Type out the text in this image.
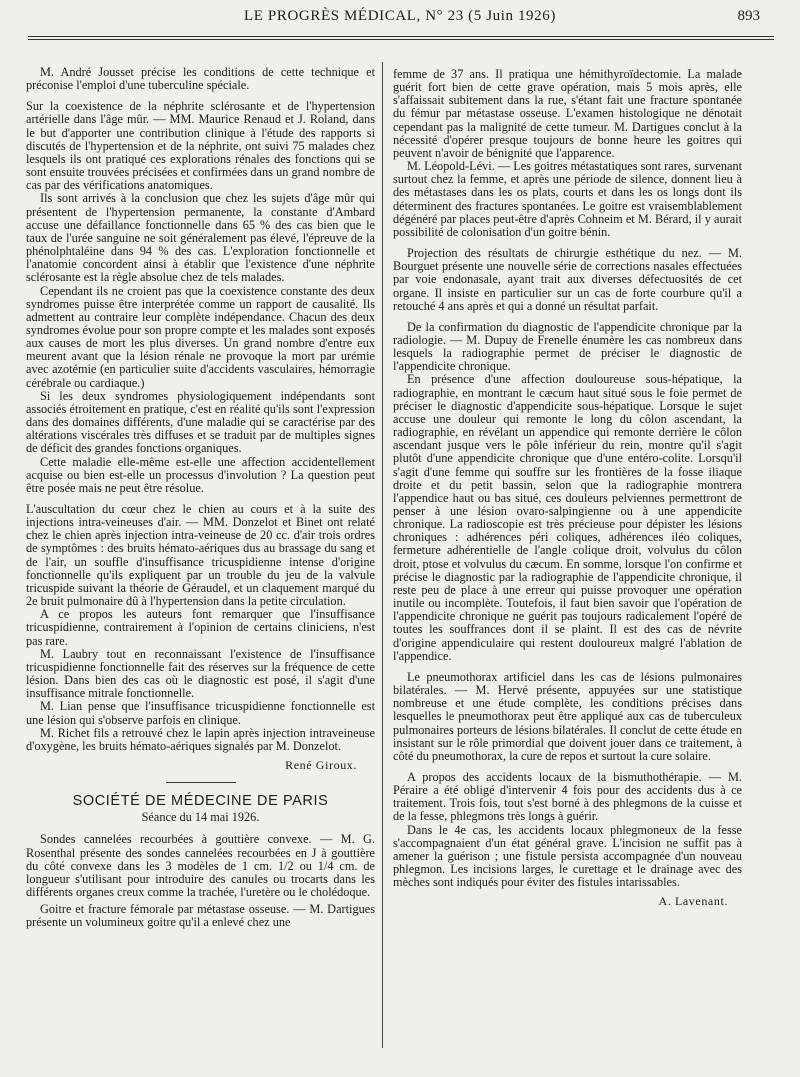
LE PROGRÈS MÉDICAL, N° 23 (5 Juin 1926)	893

M. André Jousset précise les conditions de cette technique et préconise l'emploi d'une tuberculine spéciale.

Sur la coexistence de la néphrite sclérosante et de l'hypertension artérielle dans l'âge mûr. — MM. Maurice Renaud et J. Roland, dans le but d'apporter une contribution clinique à l'étude des rapports si discutés de l'hypertension et de la néphrite, ont suivi 75 malades chez lesquels ils ont pratiqué ces explorations rénales des fonctions qui se sont ensuite trouvées précisées et confirmées dans un grand nombre de cas par des vérifications anatomiques.

Ils sont arrivés à la conclusion que chez les sujets d'âge mûr qui présentent de l'hypertension permanente, la constante d'Ambard accuse une défaillance fonctionnelle dans 65 % des cas bien que le taux de l'urée sanguine ne soit généralement pas élevé, l'épreuve de la phénolphtaléine dans 94 % des cas. L'exploration fonctionnelle et l'anatomie concordent ainsi à établir que l'existence d'une néphrite sclérosante est la règle absolue chez de tels malades.

Cependant ils ne croient pas que la coexistence constante des deux syndromes puisse être interprétée comme un rapport de causalité. Ils admettent au contraire leur complète indépendance. Chacun des deux syndromes évolue pour son propre compte et les malades sont exposés aux causes de mort les plus diverses. Un grand nombre d'entre eux meurent avant que la lésion rénale ne provoque la mort par urémie avec azotémie (en particulier suite d'accidents vasculaires, hémorragie cérébrale ou cardiaque.)

Si les deux syndromes physiologiquement indépendants sont associés étroitement en pratique, c'est en réalité qu'ils sont l'expression dans des domaines différents, d'une maladie qui se caractérise par des altérations viscérales très diffuses et se traduit par de multiples signes de déficit des grandes fonctions organiques.

Cette maladie elle-même est-elle une affection accidentellement acquise ou bien est-elle un processus d'involution ? La question peut être posée mais ne peut être résolue.

L'auscultation du cœur chez le chien au cours et à la suite des injections intra-veineuses d'air. — MM. Donzelot et Binet ont relaté chez le chien après injection intra-veineuse de 20 cc. d'air trois ordres de symptômes : des bruits hémato-aériques dus au brassage du sang et de l'air, un souffle d'insuffisance tricuspidienne intense d'origine fonctionnelle qu'ils expliquent par un trouble du jeu de la valvule tricuspide suivant la théorie de Géraudel, et un claquement marqué du 2e bruit pulmonaire dû à l'hypertension dans la petite circulation.

A ce propos les auteurs font remarquer que l'insuffisance tricuspidienne, contrairement à l'opinion de certains cliniciens, n'est pas rare.

M. Laubry tout en reconnaissant l'existence de l'insuffisance tricuspidienne fonctionnelle fait des réserves sur la fréquence de cette lésion. Dans bien des cas où le diagnostic est posé, il s'agit d'une insuffisance mitrale fonctionnelle.

M. Lian pense que l'insuffisance tricuspidienne fonctionnelle est une lésion qui s'observe parfois en clinique.

M. Richet fils a retrouvé chez le lapin après injection intraveineuse d'oxygène, les bruits hémato-aériques signalés par M. Donzelot.

René Giroux.
SOCIÉTÉ DE MÉDECINE DE PARIS
Séance du 14 mai 1926.

Sondes cannelées recourbées à gouttière convexe. — M. G. Rosenthal présente des sondes cannelées recourbées en J à gouttière du côté convexe dans les 3 modèles de 1 cm. 1/2 ou 1/4 cm. de longueur s'utilisant pour introduire des canules ou trocarts dans les différents organes creux comme la trachée, l'uretère ou le cholédoque.

Goitre et fracture fémorale par métastase osseuse. — M. Dartigues présente un volumineux goitre qu'il a enlevé chez une

femme de 37 ans. Il pratiqua une hémithyroïdectomie. La malade guérit fort bien de cette grave opération, mais 5 mois après, elle s'affaissait subitement dans la rue, s'étant fait une fracture spontanée du fémur par métastase osseuse. L'examen histologique ne dénotait cependant pas la malignité de cette tumeur. M. Dartigues conclut à la nécessité d'opérer presque toujours de bonne heure les goitres qui peuvent n'avoir de bénignité que l'apparence.

M. Léopold-Lévi. — Les goitres métastatiques sont rares, survenant surtout chez la femme, et après une période de silence, donnent lieu à des métastases dans les os plats, courts et dans les os longs dont ils déterminent des fractures spontanées. Le goitre est vraisemblablement dégénéré par places peut-être d'après Cohneim et M. Bérard, il y aurait possibilité de colonisation d'un goitre bénin.

Projection des résultats de chirurgie esthétique du nez. — M. Bourguet présente une nouvelle série de corrections nasales effectuées par voie endonasale, ayant trait aux diverses défectuosités de cet organe. Il insiste en particulier sur un cas de forte courbure qu'il a retouché 4 ans après et qui a donné un résultat parfait.

De la confirmation du diagnostic de l'appendicite chronique par la radiologie. — M. Dupuy de Frenelle énumère les cas nombreux dans lesquels la radiographie permet de préciser le diagnostic de l'appendicite chronique.

En présence d'une affection douloureuse sous-hépatique, la radiographie, en montrant le cæcum haut situé sous le foie permet de préciser le diagnostic d'appendicite sous-hépatique. Lorsque le sujet accuse une douleur qui remonte le long du côlon ascendant, la radiographie, en révélant un appendice qui remonte derrière le côlon ascendant jusque vers le pôle inférieur du rein, montre qu'il s'agit plutôt d'une appendicite chronique que d'une entéro-colite. Lorsqu'il s'agit d'une femme qui souffre sur les frontières de la fosse iliaque droite et du petit bassin, selon que la radiographie montrera l'appendice haut ou bas situé, ces douleurs pelviennes permettront de penser à une lésion ovaro-salpingienne ou à une appendicite chronique. La radioscopie est très précieuse pour dépister les lésions chroniques : adhérences péri coliques, adhérences iléo coliques, fermeture adhérentielle de l'angle colique droit, volvulus du côlon droit, ptose et volvulus du cæcum. En somme, lorsque l'on confirme et précise le diagnostic par la radiographie de l'appendicite chronique, il reste peu de place à une erreur qui puisse provoquer une opération inutile ou incomplète. Toutefois, il faut bien savoir que l'opération de l'appendicite chronique ne guérit pas toujours radicalement l'opéré de toutes les souffrances dont il se plaint. Il est des cas de névrite d'origine appendiculaire qui restent douloureux malgré l'ablation de l'appendice.

Le pneumothorax artificiel dans les cas de lésions pulmonaires bilatérales. — M. Hervé présente, appuyées sur une statistique nombreuse et une étude complète, les conditions précises dans lesquelles le pneumothorax peut être appliqué aux cas de tuberculeux pulmonaires porteurs de lésions bilatérales. Il conclut de cette étude en insistant sur le rôle primordial que doivent jouer dans ce traitement, à côté du pneumothorax, la cure de repos et surtout la cure solaire.

A propos des accidents locaux de la bismuthothérapie. — M. Péraire a été obligé d'intervenir 4 fois pour des accidents dus à ce traitement. Trois fois, tout s'est borné à des phlegmons de la cuisse et de la fesse, phlegmons très longs à guérir.

Dans le 4e cas, les accidents locaux phlegmoneux de la fesse s'accompagnaient d'un état général grave. L'incision ne suffit pas à amener la guérison ; une fistule persista accompagnée d'un nouveau phlegmon. Les incisions larges, le curettage et le drainage avec des mèches sont indiqués pour éviter des fistules intarissables.

A. Lavenant.
